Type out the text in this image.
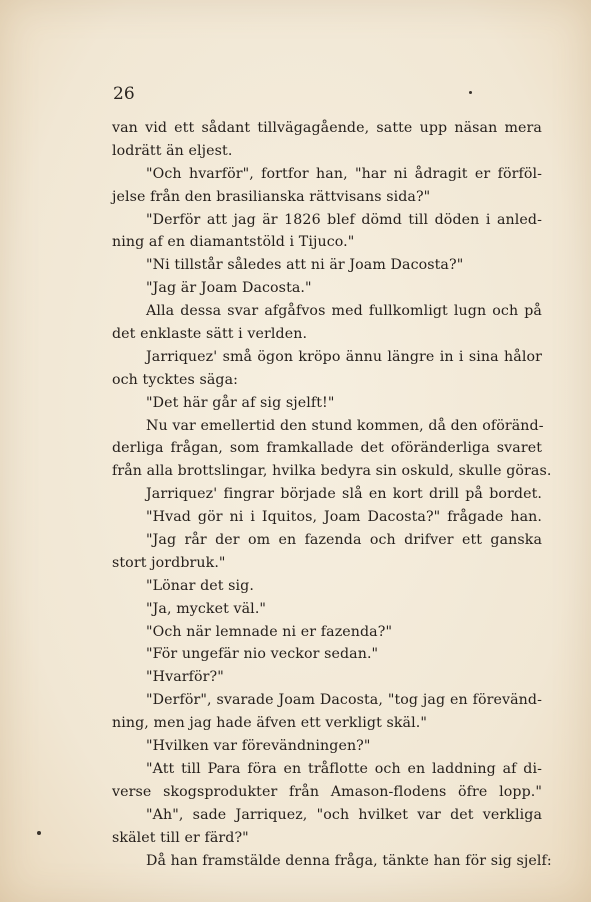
26
van vid ett sådant tillvägagående, satte upp näsan mera
lodrätt än eljest.
"Och hvarför", fortfor han, "har ni ådragit er förföl-
jelse från den brasilianska rättvisans sida?"
"Derför att jag är 1826 blef dömd till döden i anled-
ning af en diamantstöld i Tijuco."
"Ni tillstår således att ni är Joam Dacosta?"
"Jag är Joam Dacosta."
Alla dessa svar afgåfvos med fullkomligt lugn och på
det enklaste sätt i verlden.
Jarriquez' små ögon kröpo ännu längre in i sina hålor
och tycktes säga:
"Det här går af sig sjelft!"
Nu var emellertid den stund kommen, då den oföränd-
derliga frågan, som framkallade det oföränderliga svaret
från alla brottslingar, hvilka bedyra sin oskuld, skulle göras.
Jarriquez' fingrar började slå en kort drill på bordet.
"Hvad gör ni i Iquitos, Joam Dacosta?" frågade han.
"Jag rår der om en fazenda och drifver ett ganska
stort jordbruk."
"Lönar det sig.
"Ja, mycket väl."
"Och när lemnade ni er fazenda?"
"För ungefär nio veckor sedan."
"Hvarför?"
"Derför", svarade Joam Dacosta, "tog jag en förevänd-
ning, men jag hade äfven ett verkligt skäl."
"Hvilken var förevändningen?"
"Att till Para föra en tråflotte och en laddning af di-
verse skogsprodukter från Amason-flodens öfre lopp."
"Ah", sade Jarriquez, "och hvilket var det verkliga
skälet till er färd?"
Då han framstälde denna fråga, tänkte han för sig sjelf:
